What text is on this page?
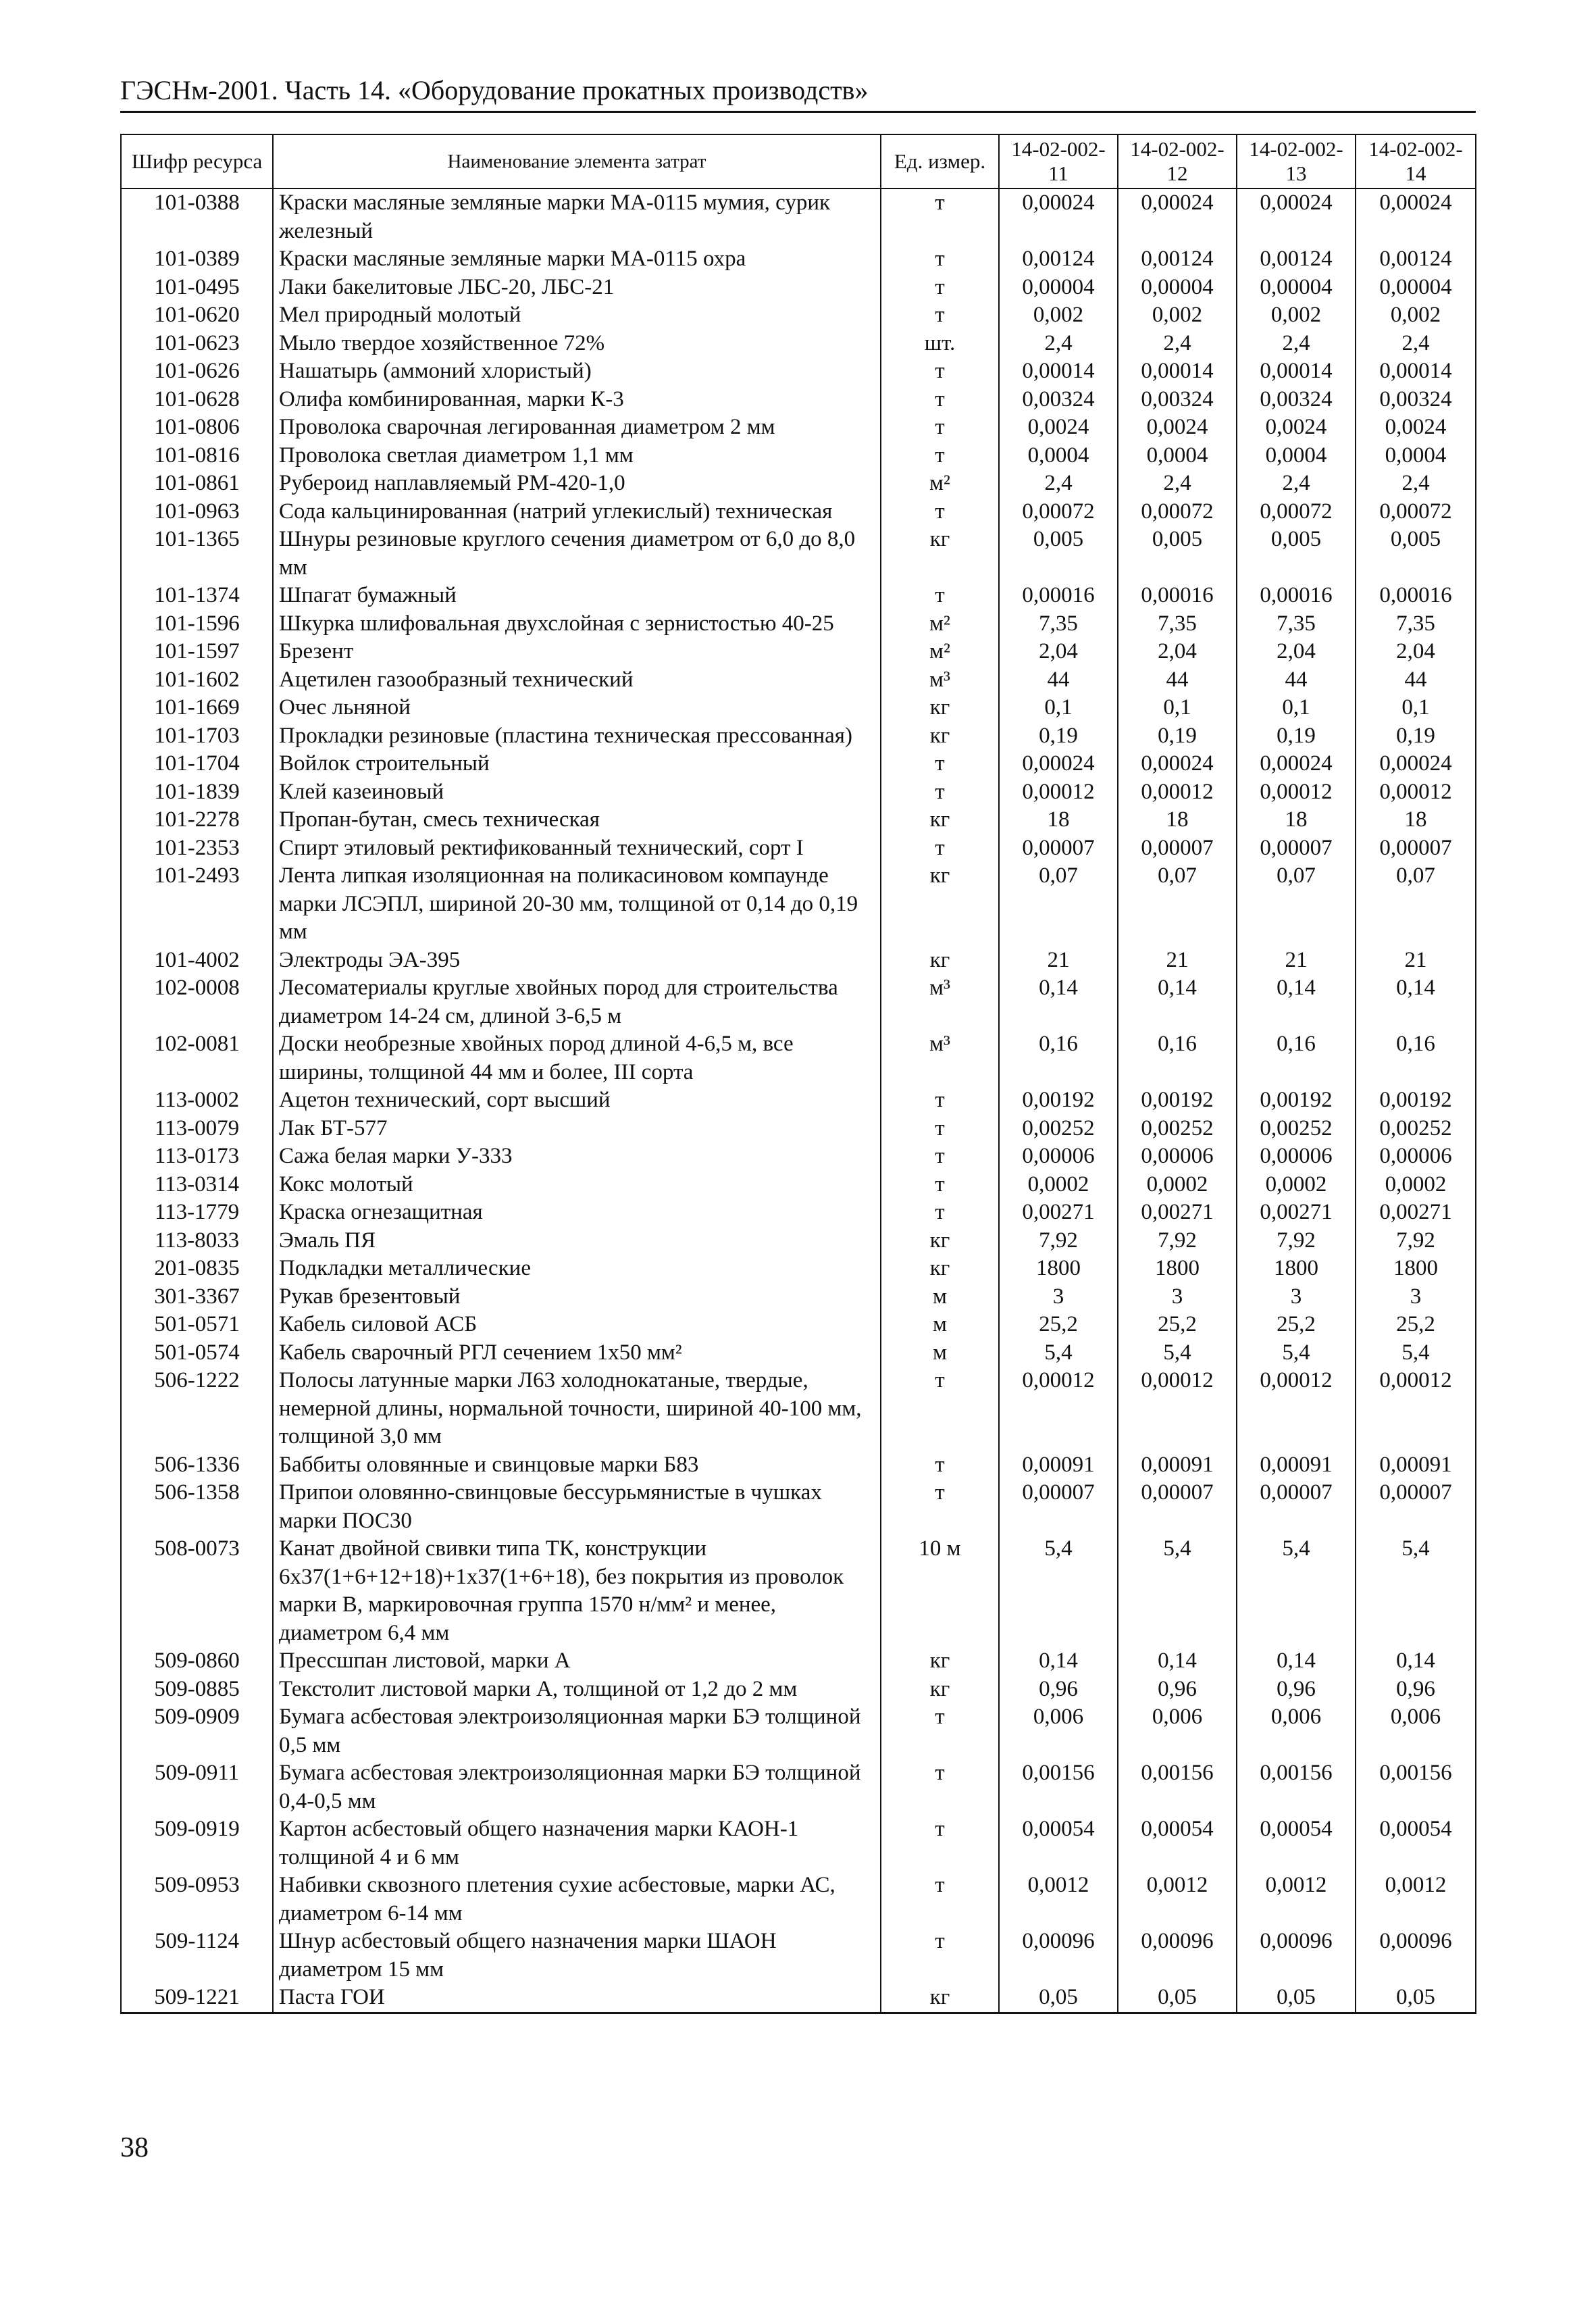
ГЭСНм-2001. Часть 14. «Оборудование прокатных производств»
Шифр ресурса	Наименование элемента затрат	Ед. измер.	14-02-002-11	14-02-002-12	14-02-002-13	14-02-002-14
101-0388	Краски масляные земляные марки МА-0115 мумия, сурик железный	т	0,00024	0,00024	0,00024	0,00024
101-0389	Краски масляные земляные марки МА-0115 охра	т	0,00124	0,00124	0,00124	0,00124
101-0495	Лаки бакелитовые ЛБС-20, ЛБС-21	т	0,00004	0,00004	0,00004	0,00004
101-0620	Мел природный молотый	т	0,002	0,002	0,002	0,002
101-0623	Мыло твердое хозяйственное 72%	шт.	2,4	2,4	2,4	2,4
101-0626	Нашатырь (аммоний хлористый)	т	0,00014	0,00014	0,00014	0,00014
101-0628	Олифа комбинированная, марки К-3	т	0,00324	0,00324	0,00324	0,00324
101-0806	Проволока сварочная легированная диаметром 2 мм	т	0,0024	0,0024	0,0024	0,0024
101-0816	Проволока светлая диаметром 1,1 мм	т	0,0004	0,0004	0,0004	0,0004
101-0861	Рубероид наплавляемый РМ-420-1,0	м²	2,4	2,4	2,4	2,4
101-0963	Сода кальцинированная (натрий углекислый) техническая	т	0,00072	0,00072	0,00072	0,00072
101-1365	Шнуры резиновые круглого сечения диаметром от 6,0 до 8,0 мм	кг	0,005	0,005	0,005	0,005
101-1374	Шпагат бумажный	т	0,00016	0,00016	0,00016	0,00016
101-1596	Шкурка шлифовальная двухслойная с зернистостью 40-25	м²	7,35	7,35	7,35	7,35
101-1597	Брезент	м²	2,04	2,04	2,04	2,04
101-1602	Ацетилен газообразный технический	м³	44	44	44	44
101-1669	Очес льняной	кг	0,1	0,1	0,1	0,1
101-1703	Прокладки резиновые (пластина техническая прессованная)	кг	0,19	0,19	0,19	0,19
101-1704	Войлок строительный	т	0,00024	0,00024	0,00024	0,00024
101-1839	Клей казеиновый	т	0,00012	0,00012	0,00012	0,00012
101-2278	Пропан-бутан, смесь техническая	кг	18	18	18	18
101-2353	Спирт этиловый ректификованный технический, сорт I	т	0,00007	0,00007	0,00007	0,00007
101-2493	Лента липкая изоляционная на поликасиновом компаунде марки ЛСЭПЛ, шириной 20-30 мм, толщиной от 0,14 до 0,19 мм	кг	0,07	0,07	0,07	0,07
101-4002	Электроды ЭА-395	кг	21	21	21	21
102-0008	Лесоматериалы круглые хвойных пород для строительства диаметром 14-24 см, длиной 3-6,5 м	м³	0,14	0,14	0,14	0,14
102-0081	Доски необрезные хвойных пород длиной 4-6,5 м, все ширины, толщиной 44 мм и более, III сорта	м³	0,16	0,16	0,16	0,16
113-0002	Ацетон технический, сорт высший	т	0,00192	0,00192	0,00192	0,00192
113-0079	Лак БТ-577	т	0,00252	0,00252	0,00252	0,00252
113-0173	Сажа белая марки У-333	т	0,00006	0,00006	0,00006	0,00006
113-0314	Кокс молотый	т	0,0002	0,0002	0,0002	0,0002
113-1779	Краска огнезащитная	т	0,00271	0,00271	0,00271	0,00271
113-8033	Эмаль ПЯ	кг	7,92	7,92	7,92	7,92
201-0835	Подкладки металлические	кг	1800	1800	1800	1800
301-3367	Рукав брезентовый	м	3	3	3	3
501-0571	Кабель силовой АСБ	м	25,2	25,2	25,2	25,2
501-0574	Кабель сварочный РГЛ сечением 1х50 мм²	м	5,4	5,4	5,4	5,4
506-1222	Полосы латунные марки Л63 холоднокатаные, твердые, немерной длины, нормальной точности, шириной 40-100 мм, толщиной 3,0 мм	т	0,00012	0,00012	0,00012	0,00012
506-1336	Баббиты оловянные и свинцовые марки Б83	т	0,00091	0,00091	0,00091	0,00091
506-1358	Припои оловянно-свинцовые бессурьмянистые в чушках марки ПОС30	т	0,00007	0,00007	0,00007	0,00007
508-0073	Канат двойной свивки типа ТК, конструкции 6х37(1+6+12+18)+1х37(1+6+18), без покрытия из проволок марки В, маркировочная группа 1570 н/мм² и менее, диаметром 6,4 мм	10 м	5,4	5,4	5,4	5,4
509-0860	Прессшпан листовой, марки А	кг	0,14	0,14	0,14	0,14
509-0885	Текстолит листовой марки А, толщиной от 1,2 до 2 мм	кг	0,96	0,96	0,96	0,96
509-0909	Бумага асбестовая электроизоляционная марки БЭ толщиной 0,5 мм	т	0,006	0,006	0,006	0,006
509-0911	Бумага асбестовая электроизоляционная марки БЭ толщиной 0,4-0,5 мм	т	0,00156	0,00156	0,00156	0,00156
509-0919	Картон асбестовый общего назначения марки КАОН-1 толщиной 4 и 6 мм	т	0,00054	0,00054	0,00054	0,00054
509-0953	Набивки сквозного плетения сухие асбестовые, марки АС, диаметром 6-14 мм	т	0,0012	0,0012	0,0012	0,0012
509-1124	Шнур асбестовый общего назначения марки ШАОН диаметром 15 мм	т	0,00096	0,00096	0,00096	0,00096
509-1221	Паста ГОИ	кг	0,05	0,05	0,05	0,05
38
